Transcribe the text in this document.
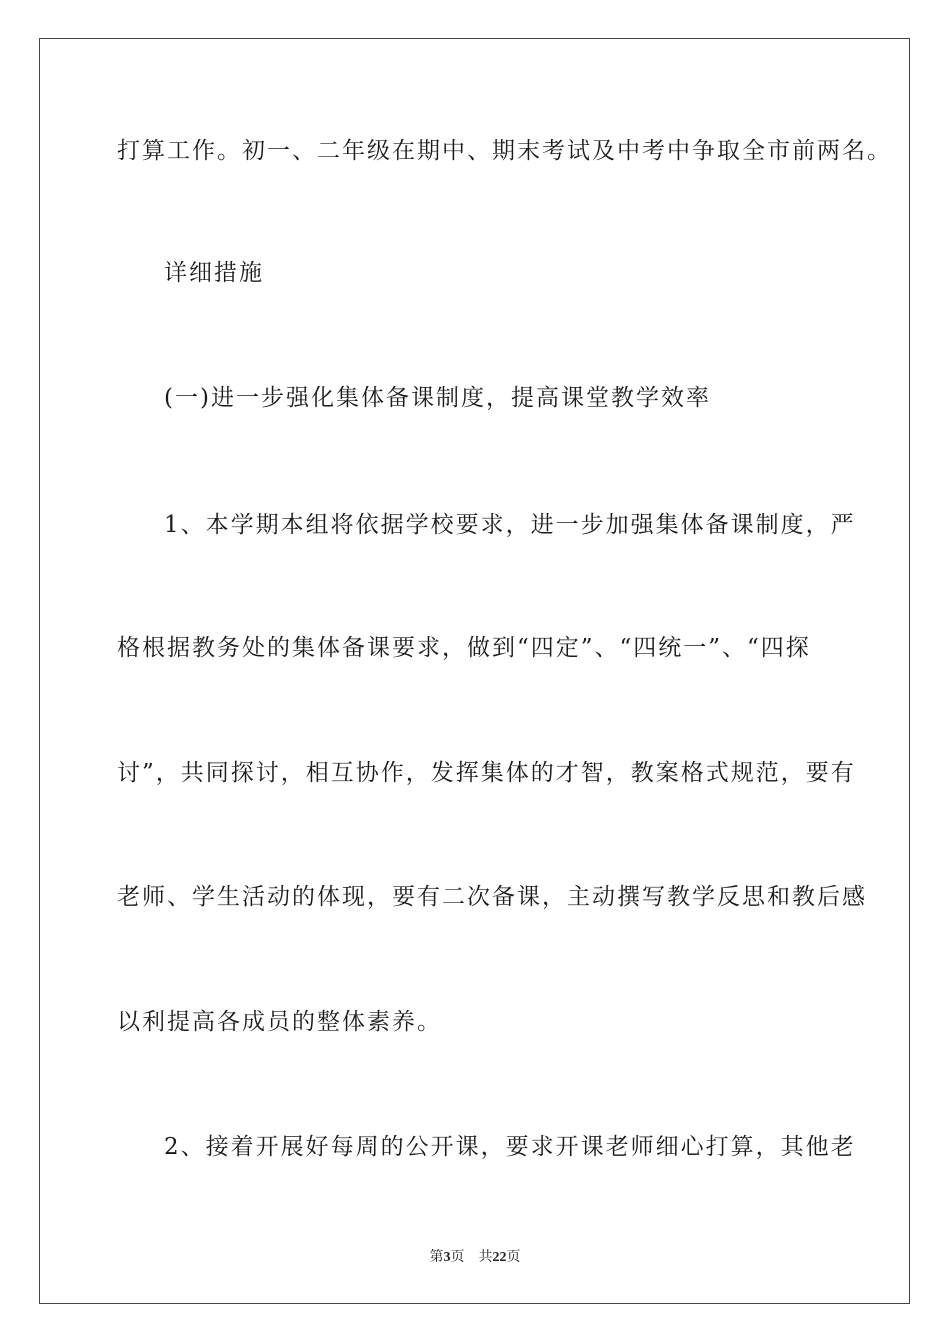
打算工作。初一、二年级在期中、期末考试及中考中争取全市前两名。
详细措施
(一)进一步强化集体备课制度，提高课堂教学效率
1、本学期本组将依据学校要求，进一步加强集体备课制度，严
格根据教务处的集体备课要求，做到“四定”、“四统一”、“四探
讨”，共同探讨，相互协作，发挥集体的才智，教案格式规范，要有
老师、学生活动的体现，要有二次备课，主动撰写教学反思和教后感
以利提高各成员的整体素养。
2、接着开展好每周的公开课，要求开课老师细心打算，其他老
第3页 共22页
